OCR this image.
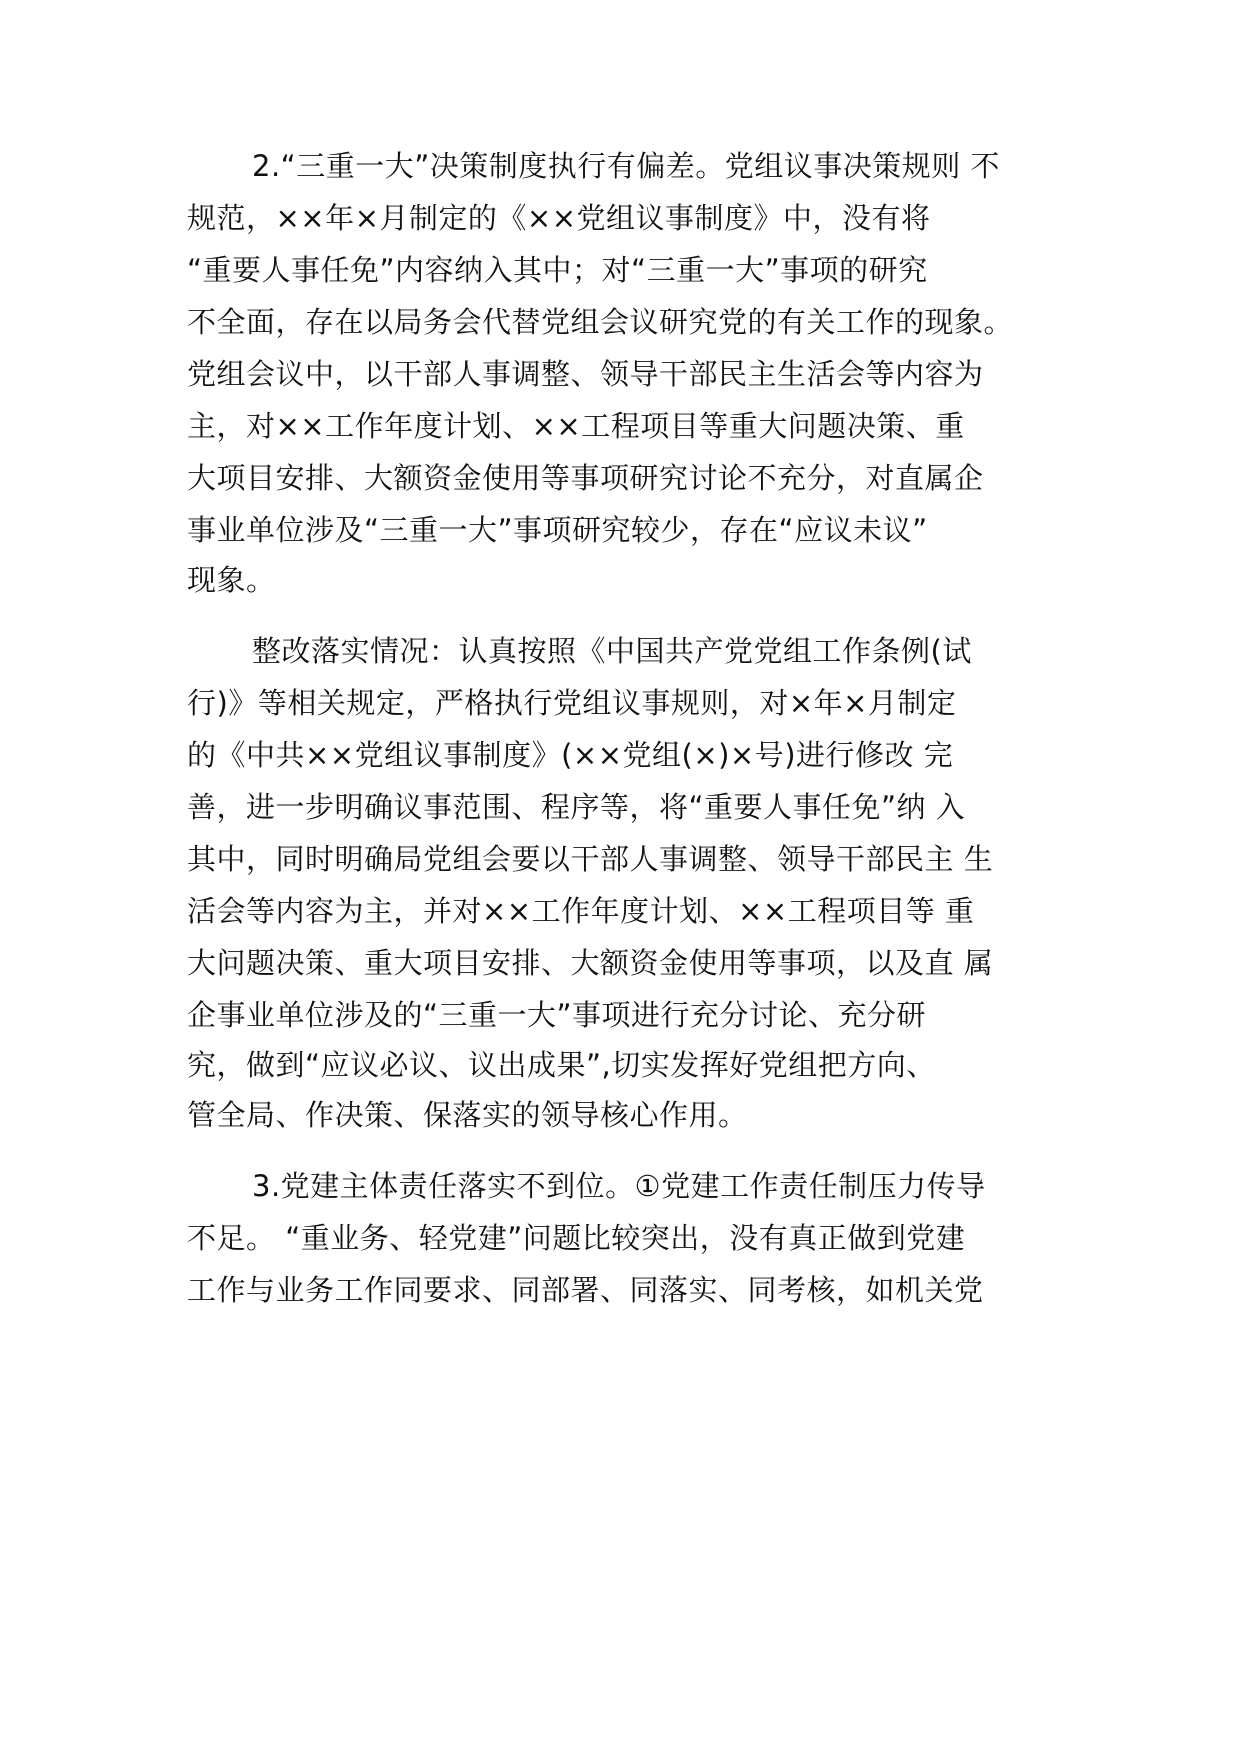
2.“三重一大”决策制度执行有偏差。党组议事决策规则 不
规范，××年×月制定的《××党组议事制度》中，没有将
“重要人事任免”内容纳入其中；对“三重一大”事项的研究
不全面，存在以局务会代替党组会议研究党的有关工作的现象。
党组会议中，以干部人事调整、领导干部民主生活会等内容为
主，对××工作年度计划、××工程项目等重大问题决策、重
大项目安排、大额资金使用等事项研究讨论不充分，对直属企
事业单位涉及“三重一大”事项研究较少，存在“应议未议”
现象。
整改落实情况：认真按照《中国共产党党组工作条例(试
行)》等相关规定，严格执行党组议事规则，对×年×月制定
的《中共××党组议事制度》(××党组(×)×号)进行修改 完
善，进一步明确议事范围、程序等，将“重要人事任免”纳 入
其中，同时明确局党组会要以干部人事调整、领导干部民主 生
活会等内容为主，并对××工作年度计划、××工程项目等 重
大问题决策、重大项目安排、大额资金使用等事项，以及直 属
企事业单位涉及的“三重一大”事项进行充分讨论、充分研
究，做到“应议必议、议出成果”,切实发挥好党组把方向、
管全局、作决策、保落实的领导核心作用。
3.党建主体责任落实不到位。①党建工作责任制压力传导
不足。 “重业务、轻党建”问题比较突出，没有真正做到党建
工作与业务工作同要求、同部署、同落实、同考核，如机关党
